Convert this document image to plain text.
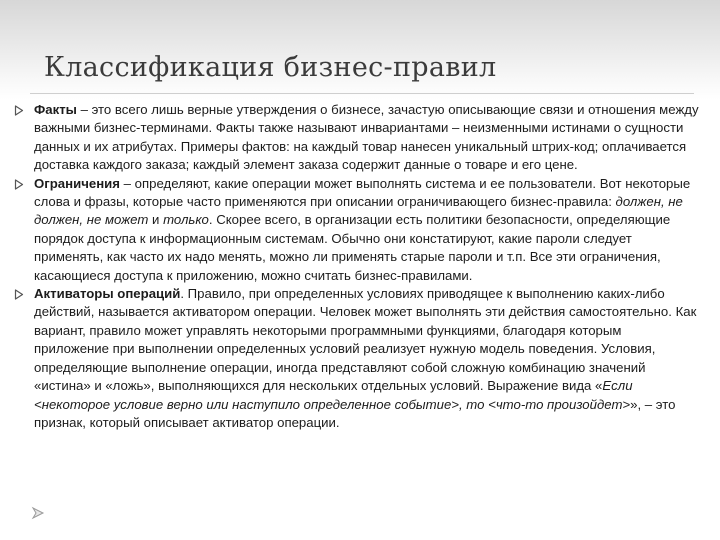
Классификация бизнес-правил
Факты – это всего лишь верные утверждения о бизнесе, зачастую описывающие связи и отношения между важными бизнес-терминами. Факты также называют инвариантами – неизменными истинами о сущности данных и их атрибутах. Примеры фактов: на каждый товар нанесен уникальный штрих-код; оплачивается доставка каждого заказа; каждый элемент заказа содержит данные о товаре и его цене.
Ограничения – определяют, какие операции может выполнять система и ее пользователи. Вот некоторые слова и фразы, которые часто применяются при описании ограничивающего бизнес-правила: должен, не должен, не может и только. Скорее всего, в организации есть политики безопасности, определяющие порядок доступа к информационным системам. Обычно они констатируют, какие пароли следует применять, как часто их надо менять, можно ли применять старые пароли и т.п. Все эти ограничения, касающиеся доступа к приложению, можно считать бизнес-правилами.
Активаторы операций. Правило, при определенных условиях приводящее к выполнению каких-либо действий, называется активатором операции. Человек может выполнять эти действия самостоятельно. Как вариант, правило может управлять некоторыми программными функциями, благодаря которым приложение при выполнении определенных условий реализует нужную модель поведения. Условия, определяющие выполнение операции, иногда представляют собой сложную комбинацию значений «истина» и «ложь», выполняющихся для нескольких отдельных условий. Выражение вида «Если <некоторое условие верно или наступило определенное событие>, то <что-то произойдет>», – это признак, который описывает активатор операции.
